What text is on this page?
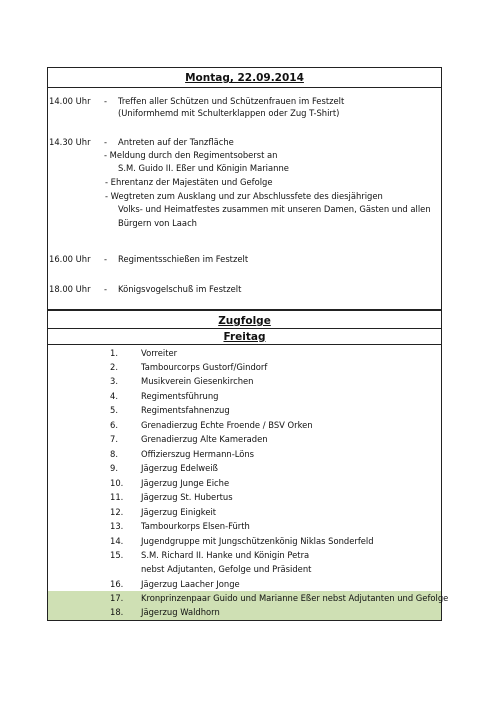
Montag, 22.09.2014
14.00 Uhr - Treffen aller Schützen und Schützenfrauen im Festzelt
(Uniformhemd mit Schulterklappen oder Zug T-Shirt)
14.30 Uhr - Antreten auf der Tanzfläche
- Meldung durch den Regimentsoberst an
S.M. Guido II. Eßer und Königin Marianne
- Ehrentanz der Majestäten und Gefolge
- Wegtreten zum Ausklang und zur Abschlussfete des diesjährigen
Volks- und Heimatfestes zusammen mit unseren Damen, Gästen und allen
Bürgern von Laach
16.00 Uhr - Regimentsschießen im Festzelt
18.00 Uhr - Königsvogelschuß im Festzelt
Zugfolge
Freitag
1.	Vorreiter
2.	Tambourcorps Gustorf/Gindorf
3.	Musikverein Giesenkirchen
4.	Regimentsführung
5.	Regimentsfahnenzug
6.	Grenadierzug Echte Froende / BSV Orken
7.	Grenadierzug Alte Kameraden
8.	Offizierszug Hermann-Löns
9.	Jägerzug Edelweiß
10.	Jägerzug Junge Eiche
11.	Jägerzug St. Hubertus
12.	Jägerzug Einigkeit
13.	Tambourkorps Elsen-Fürth
14.	Jugendgruppe mit Jungschützenkönig Niklas Sonderfeld
15.	S.M. Richard II. Hanke und Königin Petra
nebst Adjutanten, Gefolge und Präsident
16.	Jägerzug Laacher Jonge
17.	Kronprinzenpaar Guido und Marianne Eßer nebst Adjutanten und Gefolge
18.	Jägerzug Waldhorn
